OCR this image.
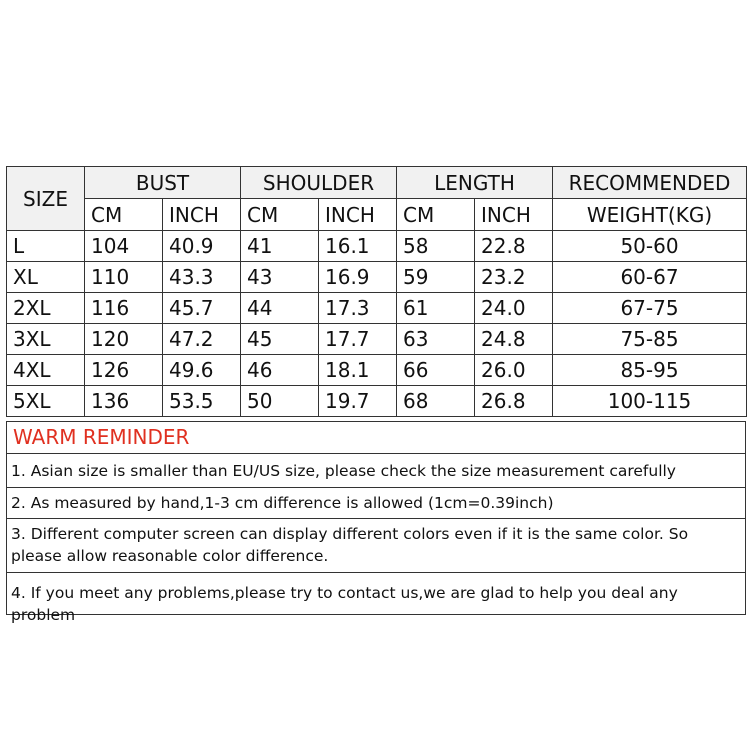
SIZE	BUST		SHOULDER		LENGTH		RECOMMENDED
	CM	INCH	CM	INCH	CM	INCH	WEIGHT(KG)
L	104	40.9	41	16.1	58	22.8	50-60
XL	110	43.3	43	16.9	59	23.2	60-67
2XL	116	45.7	44	17.3	61	24.0	67-75
3XL	120	47.2	45	17.7	63	24.8	75-85
4XL	126	49.6	46	18.1	66	26.0	85-95
5XL	136	53.5	50	19.7	68	26.8	100-115
WARM REMINDER
1. Asian size is smaller than EU/US size, please check the size measurement carefully
2. As measured by hand,1-3 cm difference is allowed (1cm=0.39inch)
3. Different computer screen can display different colors even if it is the same color. So please allow reasonable color difference.
4. If you meet any problems,please try to contact us,we are glad to help you deal any problem
